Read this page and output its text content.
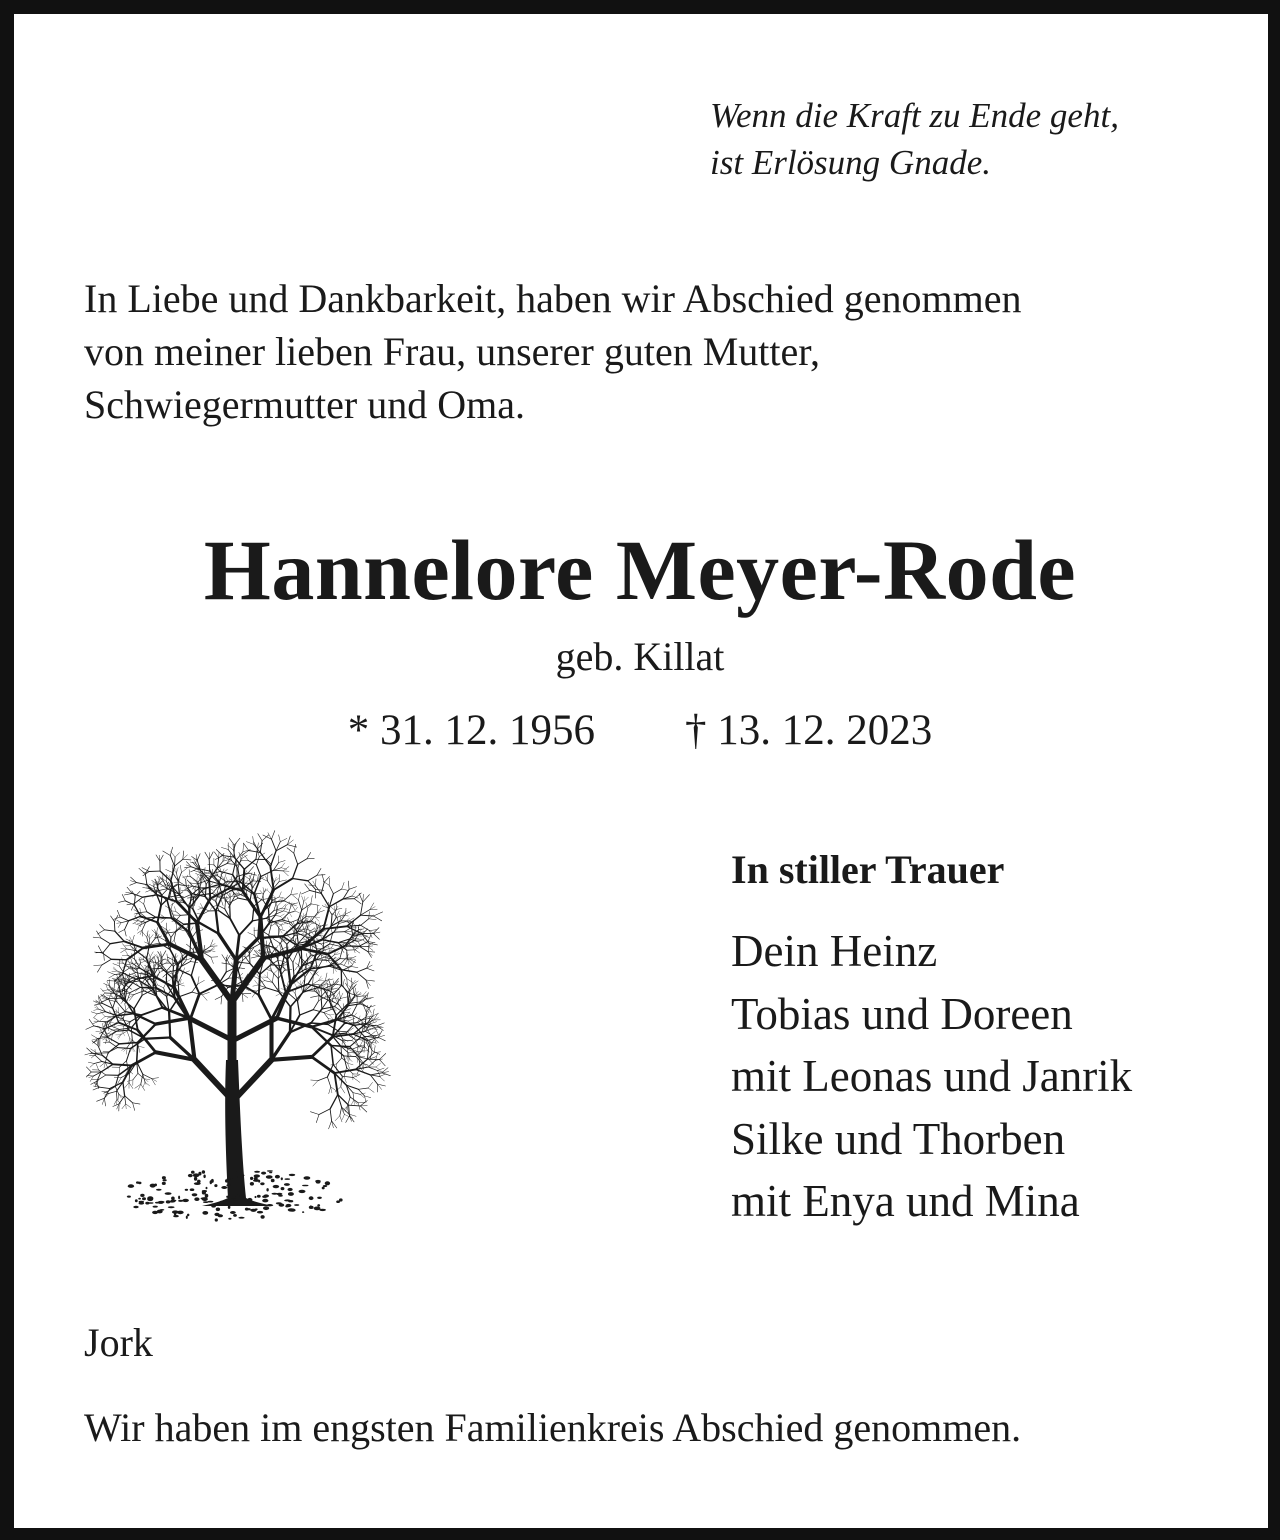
Wenn die Kraft zu Ende geht,
ist Erlösung Gnade.
In Liebe und Dankbarkeit, haben wir Abschied genommen
von meiner lieben Frau, unserer guten Mutter,
Schwiegermutter und Oma.
Hannelore Meyer-Rode
geb. Killat
* 31. 12. 1956 † 13. 12. 2023
In stiller Trauer
Dein Heinz
Tobias und Doreen
mit Leonas und Janrik
Silke und Thorben
mit Enya und Mina
Jork
Wir haben im engsten Familienkreis Abschied genommen.
